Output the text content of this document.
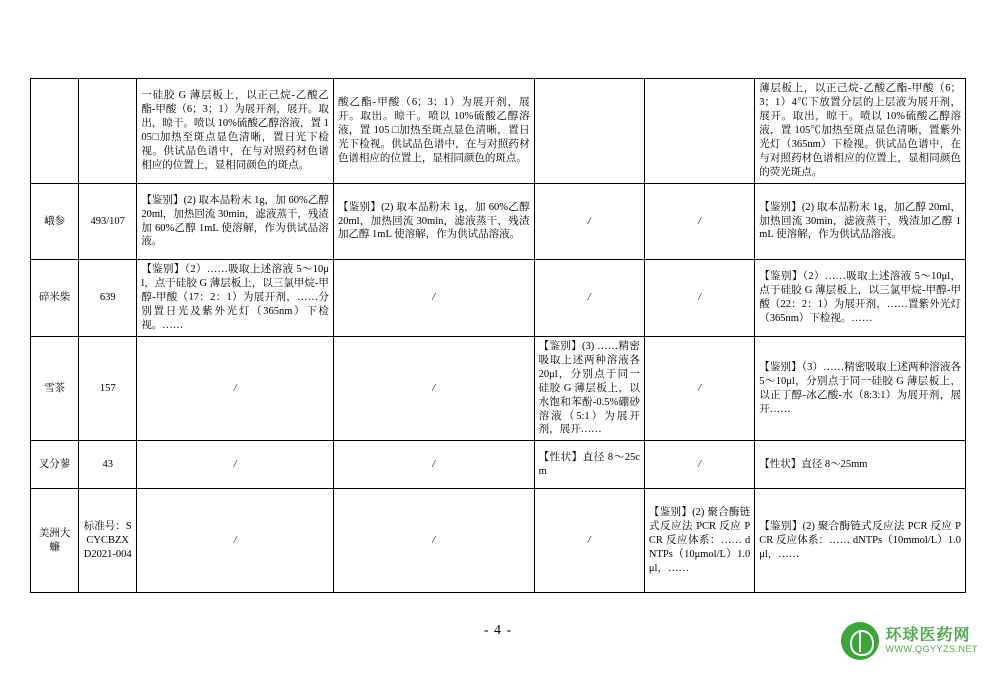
		一硅胶 G 薄层板上，以正己烷-乙酸乙酯-甲酸（6；3；1）为展开剂，展开。取出，晾干。喷以 10%硫酸乙醇溶液，置 105□加热至斑点显色清晰，置日光下检视。供试品色谱中，在与对照药材色谱相应的位置上，显相同颜色的斑点。	酸乙酯-甲酸（6；3；1）为展开剂，展开。取出。晾干。喷以 10%硫酸乙醇溶液，置 105 □加热至斑点显色清晰，置日光下检视。供试品色谱中，在与对照药材色谱相应的位置上，显相同颜色的斑点。			薄层板上，以正己烷-乙酸乙酯-甲酸（6；3；1）4℃下放置分层的上层液为展开剂，展开。取出，晾干。喷以 10%硫酸乙醇溶液，置 105℃加热至斑点显色清晰，置紫外光灯（365nm）下检视。供试品色谱中，在与对照药材色谱相应的位置上，显相同颜色的荧光斑点。
峨参	493/107	【鉴别】(2) 取本品粉末 1g，加 60%乙醇 20ml，加热回流 30min，滤液蒸干，残渣加 60%乙醇 1mL 使溶解，作为供试品溶液。	【鉴别】(2) 取本品粉末 1g，加 60%乙醇 20ml，加热回流 30min，滤液蒸干，残渣加乙醇 1mL 使溶解，作为供试品溶液。	/	/	【鉴别】(2) 取本品粉末 1g，加乙醇 20ml，加热回流 30min，滤液蒸干，残渣加乙醇 1mL 使溶解，作为供试品溶液。
碎米柴	639	【鉴别】（2）……吸取上述溶液 5～10μl，点于硅胶 G 薄层板上，以三氯甲烷-甲醇-甲酸（17：2：1）为展开剂，……分别置日光及紫外光灯（365nm）下检视。……	/	/	/	【鉴别】（2）……吸取上述溶液 5～10μl，点于硅胶 G 薄层板上，以三氯甲烷-甲醇-甲酸（22：2：1）为展开剂，……置紫外光灯（365nm）下检视。……
雪茶	157	/	/	【鉴别】(3) ……精密吸取上述两种溶液各 20μl，分别点于同一硅胶 G 薄层板上，以水饱和苯酚-0.5%硼砂溶液（5:1）为展开剂，展开……	/	【鉴别】（3）……精密吸取上述两种溶液各 5～10μl，分别点于同一硅胶 G 薄层板上，以正丁醇-冰乙酸-水（8:3:1）为展开剂，展开……
叉分蓼	43	/	/	【性状】直径 8～25cm	/	【性状】直径 8～25mm
美洲大蠊	标准号：SCYCBZXD2021-004	/	/	/	【鉴别】(2) 聚合酶链式反应法 PCR 反应 PCR 反应体系：…… dNTPs（10μmol/L）1.0μl，……	【鉴别】(2) 聚合酶链式反应法 PCR 反应 PCR 反应体系：…… dNTPs（10mmol/L）1.0μl，……
- 4 -	环球医药网
WWW.QGYYZS.NET
